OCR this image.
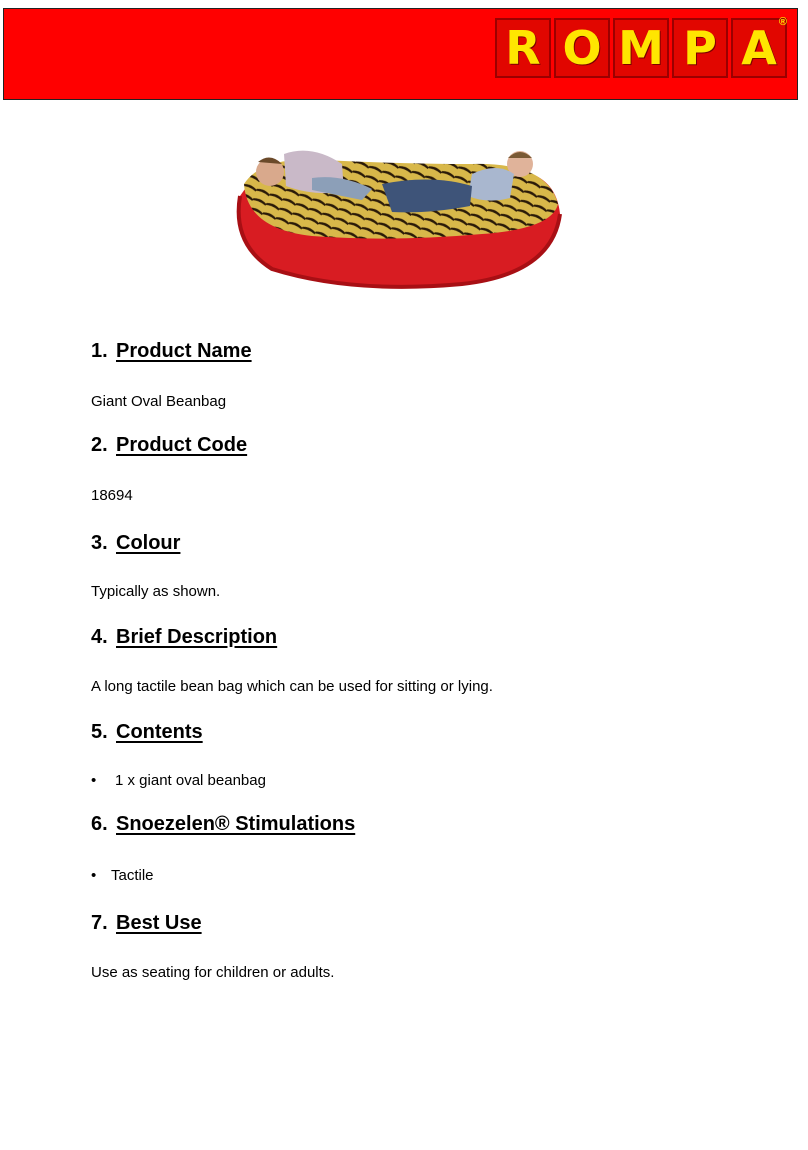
R O M P A ®
1. Product Name

Giant Oval Beanbag

2. Product Code

18694

3. Colour

Typically as shown.

4. Brief Description

A long tactile bean bag which can be used for sitting or lying.

5. Contents
•	1 x giant oval beanbag
6. Snoezelen® Stimulations
• Tactile
7. Best Use

Use as seating for children or adults.
